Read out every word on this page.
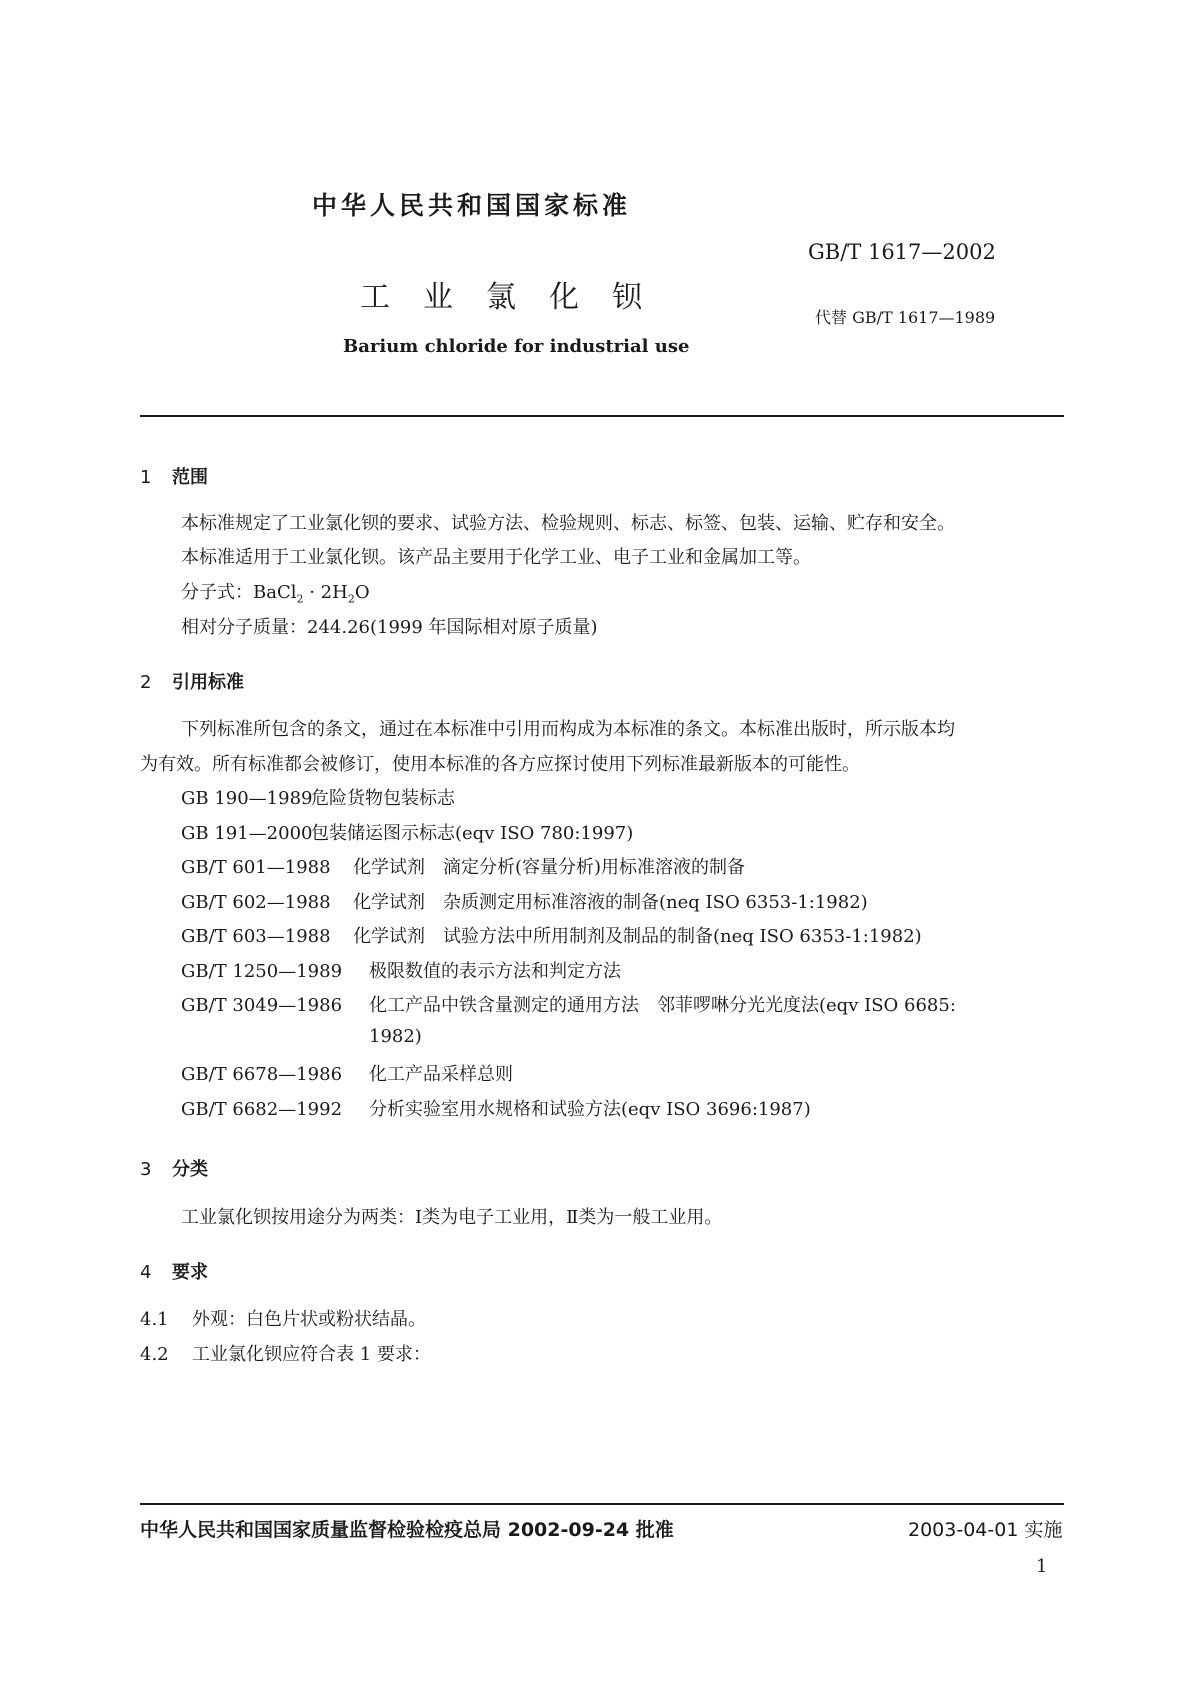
中华人民共和国国家标准
GB/T 1617—2002
工业氯化钡
代替 GB/T 1617—1989
Barium chloride for industrial use
1 范围
本标准规定了工业氯化钡的要求、试验方法、检验规则、标志、标签、包装、运输、贮存和安全。
本标准适用于工业氯化钡。该产品主要用于化学工业、电子工业和金属加工等。
分子式：BaCl$_2$ · $2H_2O$
相对分子质量：244.26(1999 年国际相对原子质量)
2 引用标准
下列标准所包含的条文，通过在本标准中引用而构成为本标准的条文。本标准出版时，所示版本均
为有效。所有标准都会被修订，使用本标准的各方应探讨使用下列标准最新版本的可能性。
GB 190—1989危险货物包装标志
GB 191—2000包装储运图示标志(eqv ISO 780:1997)
GB/T 601—1988 化学试剂　滴定分析(容量分析)用标准溶液的制备
GB/T 602—1988 化学试剂　杂质测定用标准溶液的制备(neq ISO 6353-1:1982)
GB/T 603—1988 化学试剂　试验方法中所用制剂及制品的制备(neq ISO 6353-1:1982)
GB/T 1250—1989 极限数值的表示方法和判定方法
GB/T 3049—1986 化工产品中铁含量测定的通用方法　邻菲啰啉分光光度法(eqv ISO 6685:
1982)
GB/T 6678—1986 化工产品采样总则
GB/T 6682—1992 分析实验室用水规格和试验方法(eqv ISO 3696:1987)
3 分类
工业氯化钡按用途分为两类：Ⅰ类为电子工业用，Ⅱ类为一般工业用。
4 要求
4.1 外观：白色片状或粉状结晶。
4.2 工业氯化钡应符合表 1 要求：
中华人民共和国国家质量监督检验检疫总局 2002-09-24 批准	2003-04-01 实施
1
